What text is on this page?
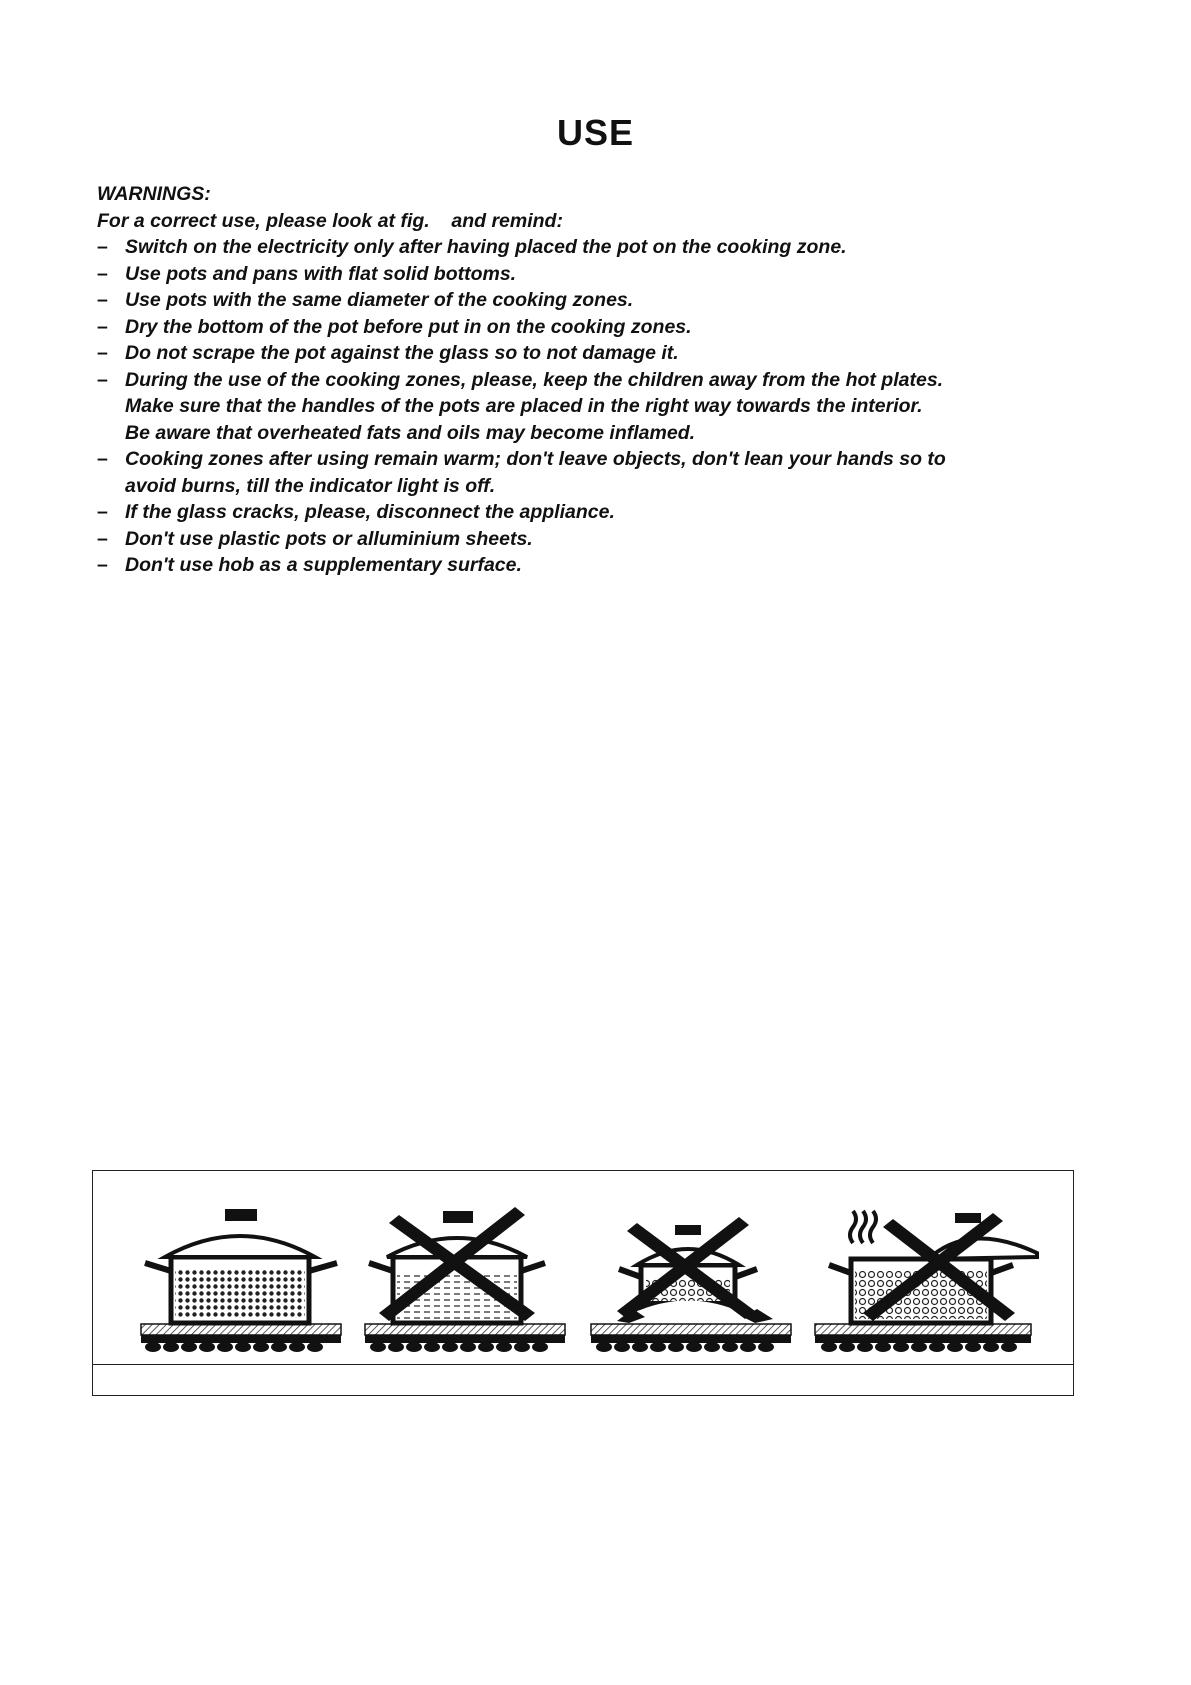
USE

WARNINGS:

For a correct use, please look at fig.    and remind:

– Switch on the electricity only after having placed the pot on the cooking zone.
– Use pots and pans with flat solid bottoms.
– Use pots with the same diameter of the cooking zones.
– Dry the bottom of the pot before put in on the cooking zones.
– Do not scrape the pot against the glass so to not damage it.
– During the use of the cooking zones, please, keep the children away from the hot plates.
Make sure that the handles of the pots are placed in the right way towards the interior.
Be aware that overheated fats and oils may become inflamed.
– Cooking zones after using remain warm; don't leave objects, don't lean your hands so to
avoid burns, till the indicator light is off.
– If the glass cracks, please, disconnect the appliance.
– Don't use plastic pots or alluminium sheets.
– Don't use hob as a supplementary surface.
